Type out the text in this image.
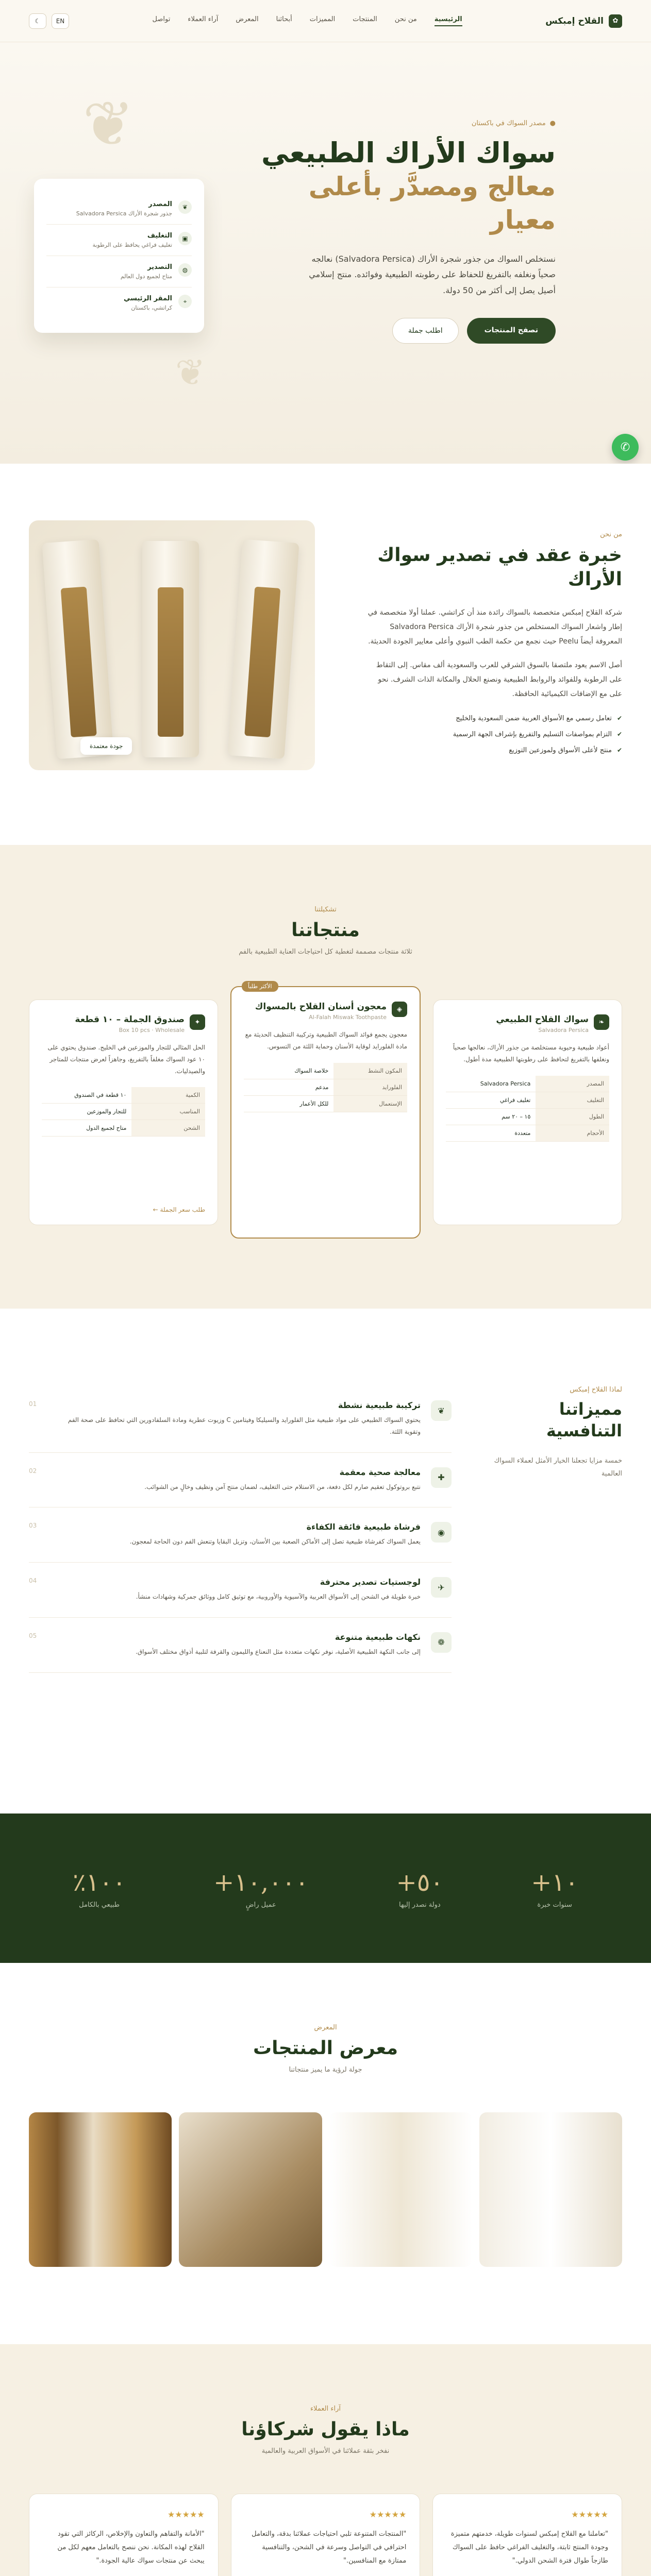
✿
القلاح إمبكس
الرئيسية
من نحن
المنتجات
المميزات
أبحاثنا
المعرض
آراء العملاء
تواصل
EN
☾
❦
❦
●
مصدر السواك في باكستان
سواك الأراك الطبيعي
معالج ومصدَّر بأعلى معيار

نستخلص السواك من جذور شجرة الأراك (Salvadora Persica) نعالجه صحياً ونغلفه بالتفريغ للحفاظ على رطوبته الطبيعية وفوائده. منتج إسلامي أصيل يصل إلى أكثر من 50 دولة.

تصفح المنتجات
اطلب جملة
❦
المصدر
جذور شجرة الأراك Salvadora Persica
▣
التغليف
تغليف فراغي يحافظ على الرطوبة
◍
التصدير
متاح لجميع دول العالم
⌖
المقر الرئيسي
كراتشي، باكستان
✆
من نحن
خبرة عقد في تصدير سواك الأراك

شركة القلاح إمبكس متخصصة بالسواك رائدة منذ أن كراتشي. عملنا أولا متخصصة في إطار واشعار السواك المستخلص من جذور شجرة الأراك Salvadora Persica المعروفة أيضاً Peelu حيث نجمع من حكمة الطب النبوي وأعلى معايير الجودة الحديثة.

أصل الاسم يعود ملتصقا بالسوق الشرقي للعرب والسعودية ألف مقاس. إلى التقاط على الرطوبة وللفوائد والروابط الطبيعية ونصنع الحلال والمكانة الذات الشرف. نحو على مع الإضافات الكيميائية الحافظة.

✔
تعامل رسمي مع الأسواق العربية ضمن السعودية والخليج
✔
التزام بمواصفات التسليم والتفريغ بإشراف الجهة الرسمية
✔
منتج لأعلى الأسواق ولموزعين التوزيع
جودة معتمدة
تشكيلتنا
منتجاتنا
ثلاثة منتجات مصممة لتغطية كل احتياجات العناية الطبيعية بالفم
❧
سواك القلاح الطبيعي
Salvadora Persica

أعواد طبيعية وحيوية مستخلصة من جذور الأراك، نعالجها صحياً ونغلفها بالتفريغ لتحافظ على رطوبتها الطبيعية مدة أطول.

المصدر	Salvadora Persica
التغليف	تغليف فراغي
الطول	١٥ – ٢٠ سم
الأحجام	متعددة
الأكثر طلباً
◈
معجون أسنان القلاح بالمسواك
Al-Falah Miswak Toothpaste

معجون يجمع فوائد السواك الطبيعية وتركيبة التنظيف الحديثة مع مادة الفلورايد لوقاية الأسنان وحماية اللثة من التسوس.

المكون النشط	خلاصة السواك
الفلورايد	مدعم
الإستعمال	للكل الأعمار
✦
صندوق الجملة – ١٠ قطعة
Box 10 pcs · Wholesale

الحل المثالي للتجار والموزعين في الخليج. صندوق يحتوي على ١٠ عود السواك مغلفاً بالتفريغ، وجاهزاً لعرض منتجات للمتاجر والصيدليات.

الكمية	١٠ قطعة في الصندوق
المناسب	للتجار والموزعين
الشحن	متاح لجميع الدول
طلب سعر الجملة ←
لماذا القلاح إمبكس
مميزاتنا التنافسية
خمسة مزايا تجعلنا الخيار الأمثل لعملاء السواك العالمية
❦
تركيبة طبيعية نشطة
يحتوي السواك الطبيعي على مواد طبيعية مثل الفلورايد والسيليكا وفيتامين C وزيوت عطرية ومادة السلفادورين التي تحافظ على صحة الفم وتقوية اللثة.
01
✚
معالجة صحية معقمة
نتبع بروتوكول تعقيم صارم لكل دفعة، من الاستلام حتى التغليف، لضمان منتج آمن ونظيف وخالٍ من الشوائب.
02
◉
فرشاة طبيعية فائقة الكفاءة
يعمل السواك كفرشاة طبيعية تصل إلى الأماكن الصعبة بين الأسنان، وتزيل البقايا وتنعش الفم دون الحاجة لمعجون.
03
✈
لوجستيات تصدير محترفة
خبرة طويلة في الشحن إلى الأسواق العربية والآسيوية والأوروبية، مع توثيق كامل ووثائق جمركية وشهادات منشأ.
04
❁
نكهات طبيعية متنوعة
إلى جانب النكهة الطبيعية الأصلية، نوفر نكهات متعددة مثل النعناع والليمون والقرفة لتلبية أذواق مختلف الأسواق.
05
١٠+
سنوات خبرة
٥٠+
دولة نصدر إليها
١٠,٠٠٠+
عميل راضٍ
١٠٠٪
طبيعي بالكامل
المعرض
معرض المنتجات
جولة لرؤية ما يميز منتجاتنا
آراء العملاء
ماذا يقول شركاؤنا
نفخر بثقة عملائنا في الأسواق العربية والعالمية
★★★★★

"تعاملنا مع القلاح إمبكس لسنوات طويلة، خدمتهم متميزة وجودة المنتج ثابتة، والتغليف الفراغي حافظ على السواك طازجاً طوال فترة الشحن الدولي."

★★★★★

"المنتجات المتنوعة تلبي احتياجات عملائنا بدقة، والتعامل احترافي في التواصل وسرعة في الشحن، والتنافسية ممتازة مع المنافسين."

★★★★★

"الأمانة والتفاهم والتعاون والإخلاص، الركائز التي تقود القلاح لهذه المكانة. نحن ننصح بالتعامل معهم لكل من يبحث عن منتجات سواك عالية الجودة."
